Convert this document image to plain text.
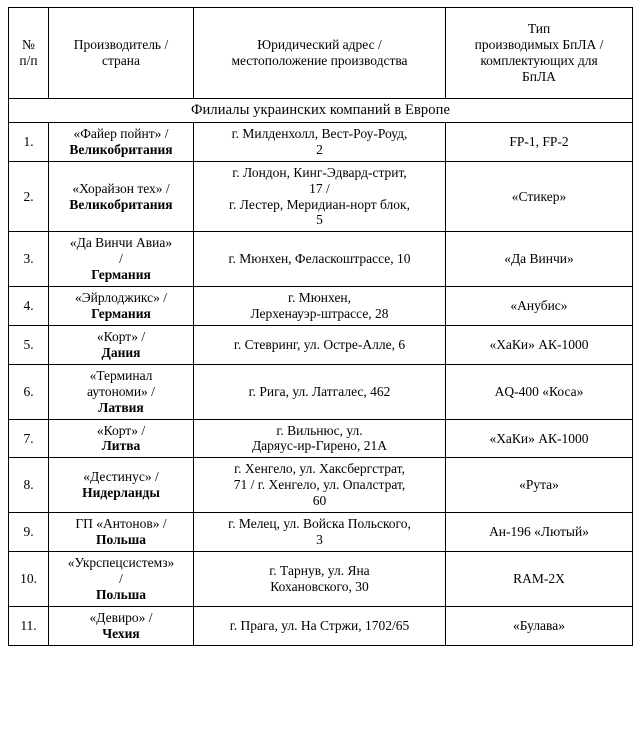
№
п/п	Производитель /
страна	Юридический адрес /
местоположение производства	Тип
производимых БпЛА /
комплектующих для
БпЛА

Филиалы украинских компаний в Европе			
1.	«Файер пойнт» /
Великобритания	г. Милденхолл, Вест-Роу-Роуд,
2	FP-1, FP-2
2.	«Хорайзон тех» /
Великобритания	г. Лондон, Кинг-Эдвард-стрит,
17 /
г. Лестер, Меридиан-норт блок,
5	«Стикер»
3.	«Да Винчи Авиа»
/
Германия	г. Мюнхен, Феласкоштрассе, 10	«Да Винчи»
4.	«Эйрлоджикс» /
Германия	г. Мюнхен,
Лерхенауэр-штрассе, 28	«Анубис»
5.	«Корт» /
Дания	г. Стевринг, ул. Остре-Алле, 6	«ХаКи» АК-1000
6.	«Терминал
аутономи» /
Латвия	г. Рига, ул. Латгалес, 462	AQ-400 «Коса»
7.	«Корт» /
Литва	г. Вильнюс, ул.
Даряус-ир-Гирено, 21А	«ХаКи» АК-1000
8.	«Дестинус» /
Нидерланды	г. Хенгело, ул. Хаксбергстрат,
71 / г. Хенгело, ул. Опалстрат,
60	«Рута»
9.	ГП «Антонов» /
Польша	г. Мелец, ул. Войска Польского,
3	Ан-196 «Лютый»
10.	«Укрспецсистемз»
/
Польша	г. Тарнув, ул. Яна
Кохановского, 30	RAM-2X
11.	«Девиро» /
Чехия	г. Прага, ул. На Стржи, 1702/65	«Булава»
